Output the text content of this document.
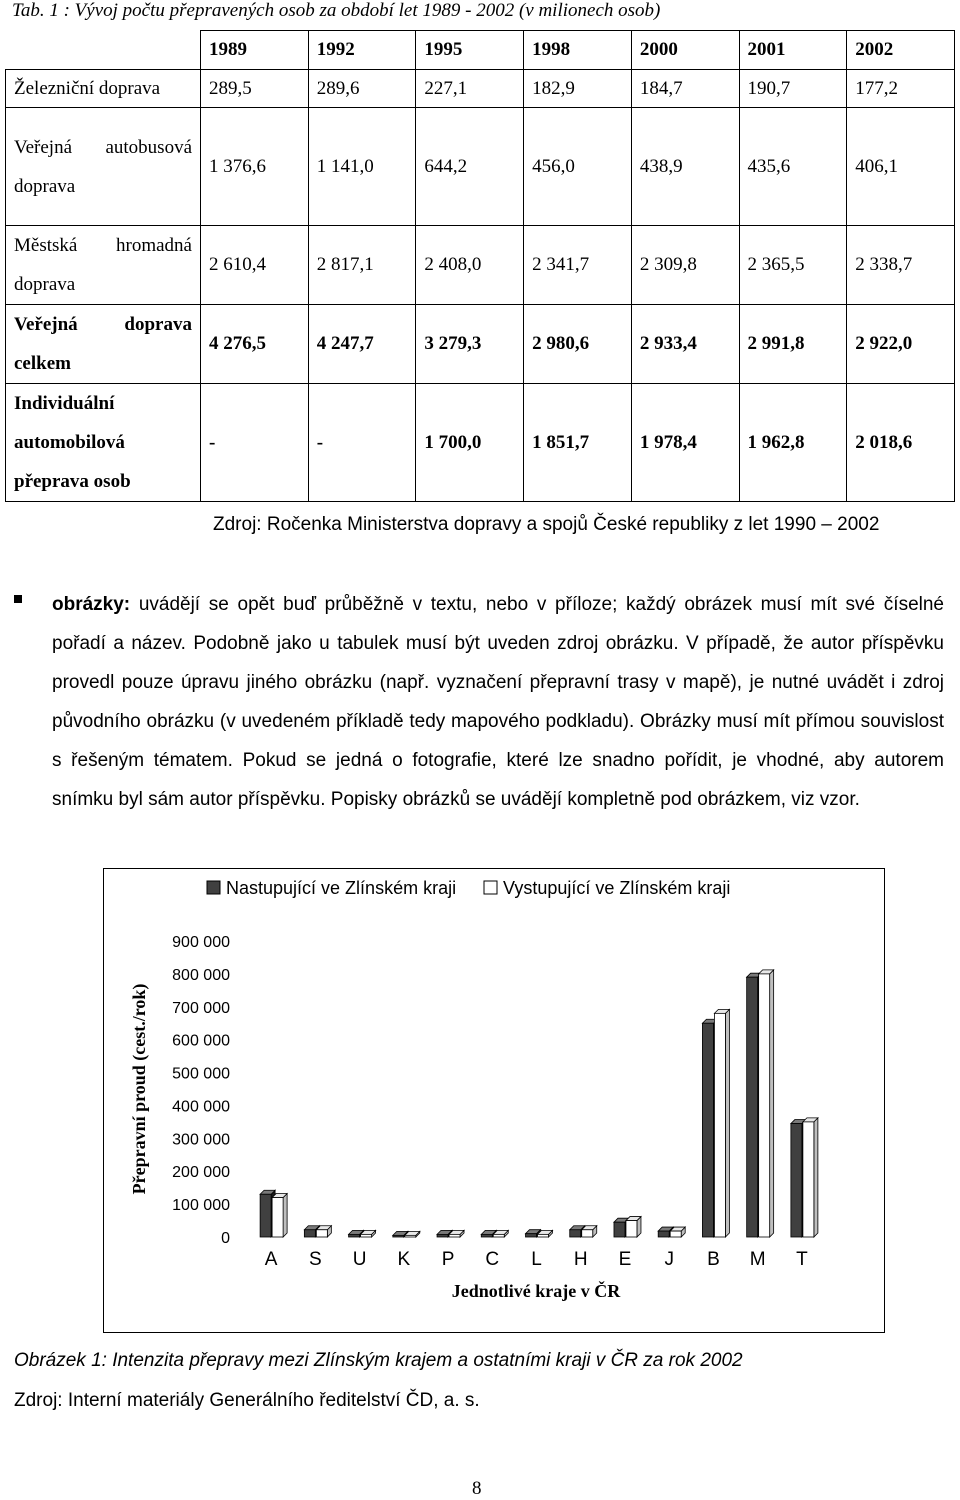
Tab. 1 : Vývoj počtu přepravených osob za období let 1989 - 2002 (v milionech osob)
	1989	1992	1995	1998	2000	2001	2002
Železniční doprava	289,5	289,6	227,1	182,9	184,7	190,7	177,2
Veřejná autobusová doprava	1 376,6	1 141,0	644,2	456,0	438,9	435,6	406,1
Městská hromadná doprava	2 610,4	2 817,1	2 408,0	2 341,7	2 309,8	2 365,5	2 338,7
Veřejná doprava celkem	4 276,5	4 247,7	3 279,3	2 980,6	2 933,4	2 991,8	2 922,0
Individuální automobilová přeprava osob	-	-	1 700,0	1 851,7	1 978,4	1 962,8	2 018,6
Zdroj: Ročenka Ministerstva dopravy a spojů České republiky z let 1990 – 2002
obrázky: uvádějí se opět buď průběžně v textu, nebo v příloze; každý obrázek musí mít své číselné pořadí a název. Podobně jako u tabulek musí být uveden zdroj obrázku. V případě, že autor příspěvku provedl pouze úpravu jiného obrázku (např. vyznačení přepravní trasy v mapě), je nutné uvádět i zdroj původního obrázku (v uvedeném příkladě tedy mapového podkladu). Obrázky musí mít přímou souvislost s řešeným tématem. Pokud se jedná o fotografie, které lze snadno pořídit, je vhodné, aby autorem snímku byl sám autor příspěvku. Popisky obrázků se uvádějí kompletně pod obrázkem, viz vzor.
Nastupující ve Zlínském kraji	Vystupující ve Zlínském kraji
0
100 000
200 000
300 000
400 000
500 000
600 000
700 000
800 000
900 000
Přepravní proud (cest./rok)
A S U K P C L H E J B M T
Jednotlivé kraje v ČR
Obrázek 1: Intenzita přepravy mezi Zlínským krajem a ostatními kraji v ČR za rok 2002
Zdroj: Interní materiály Generálního ředitelství ČD, a. s.
8
